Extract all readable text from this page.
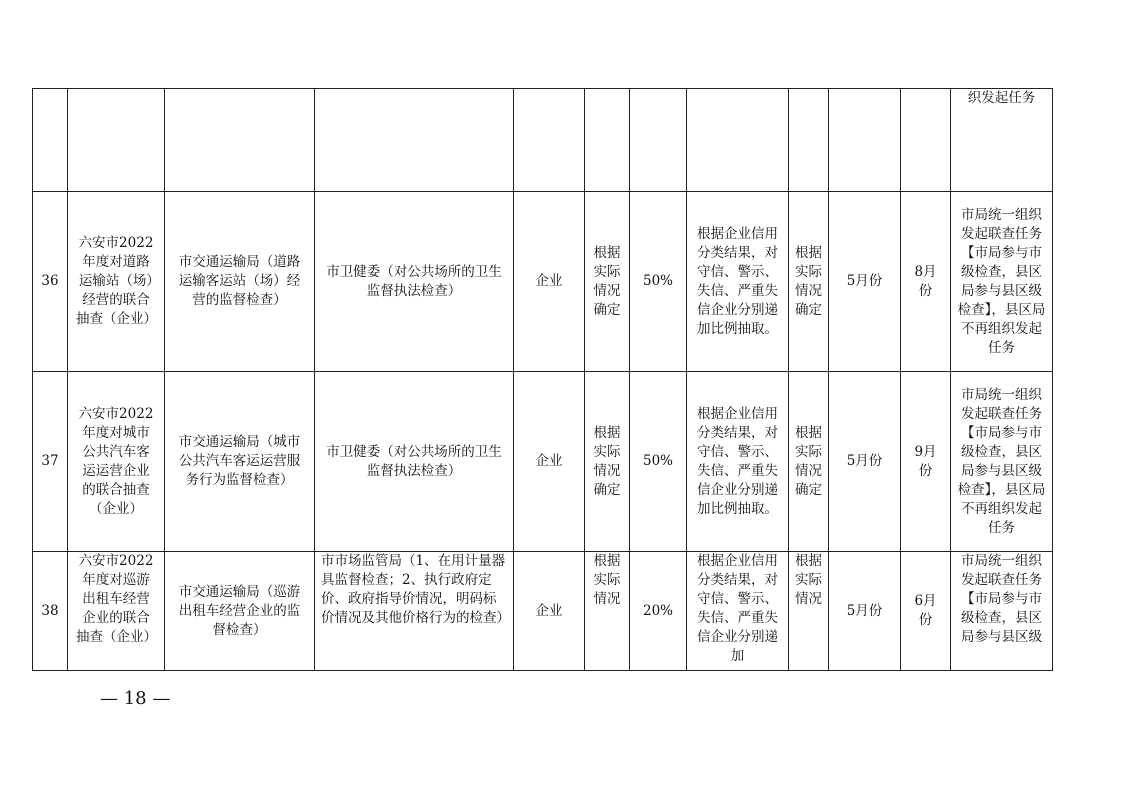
											织发起任务
36	六安市2022年度对道路运输站（场）经营的联合抽查（企业）	市交通运输局（道路运输客运站（场）经营的监督检查）	市卫健委（对公共场所的卫生监督执法检查）	企业	根据实际情况确定	50%	根据企业信用分类结果，对守信、警示、失信、严重失信企业分别递加比例抽取。	根据实际情况确定	5月份	8月份	市局统一组织发起联查任务【市局参与市级检查，县区局参与县区级检查】，县区局不再组织发起任务
37	六安市2022年度对城市公共汽车客运运营企业的联合抽查（企业）	市交通运输局（城市公共汽车客运运营服务行为监督检查）	市卫健委（对公共场所的卫生监督执法检查）	企业	根据实际情况确定	50%	根据企业信用分类结果，对守信、警示、失信、严重失信企业分别递加比例抽取。	根据实际情况确定	5月份	9月份	市局统一组织发起联查任务【市局参与市级检查，县区局参与县区级检查】，县区局不再组织发起任务
38	六安市2022年度对巡游出租车经营企业的联合抽查（企业）	市交通运输局（巡游出租车经营企业的监督检查）	市市场监管局（1、在用计量器具监督检查；2、执行政府定价、政府指导价情况，明码标价情况及其他价格行为的检查）	企业	根据实际情况	20%	根据企业信用分类结果，对守信、警示、失信、严重失信企业分别递加	根据实际情况	5月份	6月份	市局统一组织发起联查任务【市局参与市级检查，县区局参与县区级
— 18 —
